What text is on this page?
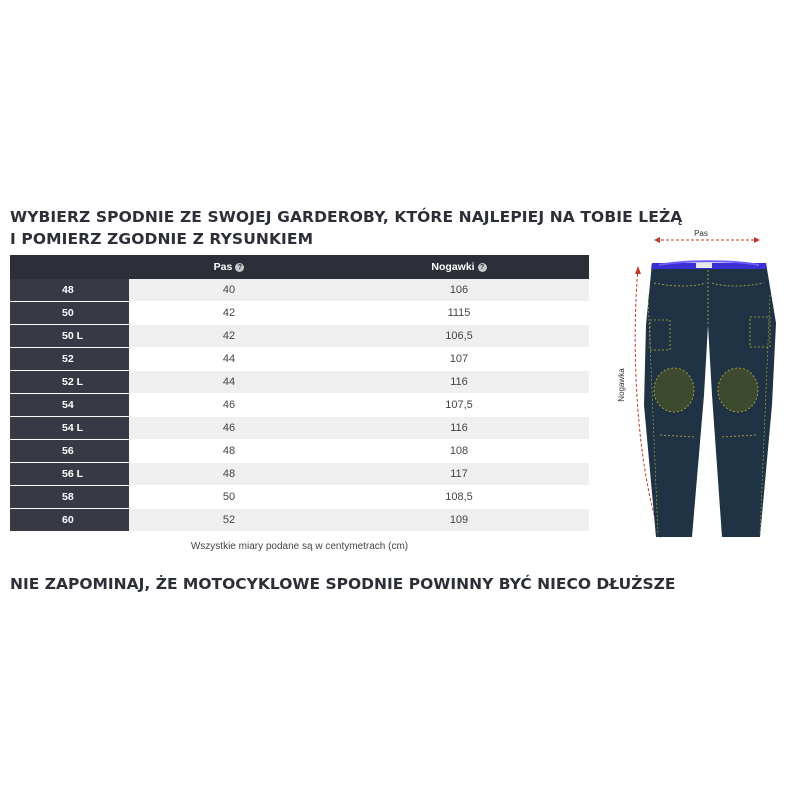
WYBIERZ SPODNIE ZE SWOJEJ GARDEROBY, KTÓRE NAJLEPIEJ NA TOBIE LEŻĄ
I POMIERZ ZGODNIE Z RYSUNKIEM
	Pas ?	Nogawki ?
48	40	106
50	42	1115
50 L	42	106,5
52	44	107
52 L	44	116
54	46	107,5
54 L	46	116
56	48	108
56 L	48	117
58	50	108,5
60	52	109
Wszystkie miary podane są w centymetrach (cm)
NIE ZAPOMINAJ, ŻE MOTOCYKLOWE SPODNIE POWINNY BYĆ NIECO DŁUŻSZE
Pas
Nogawka
